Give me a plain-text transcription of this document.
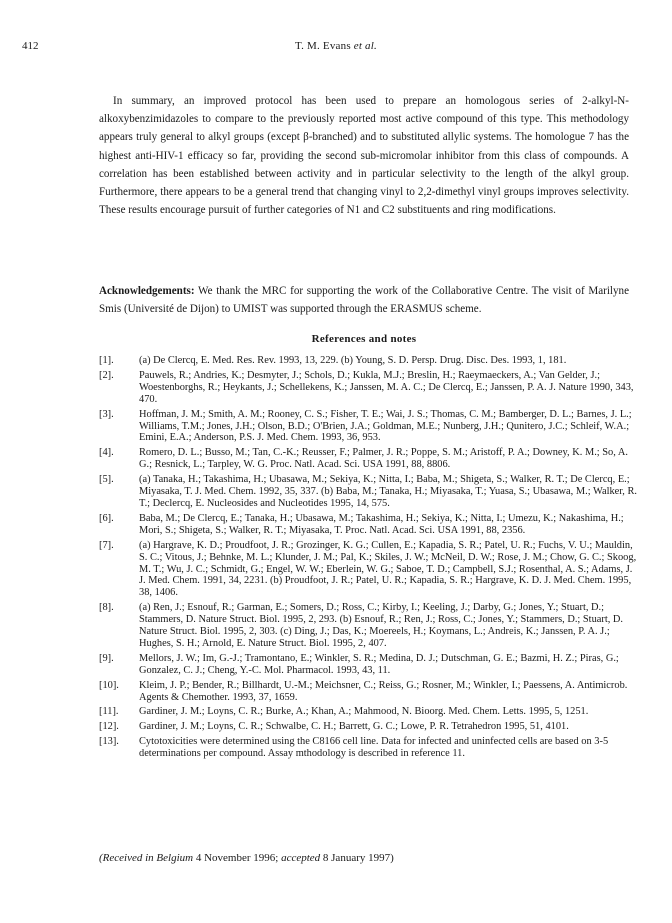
412	T. M. Evans et al.

In summary, an improved protocol has been used to prepare an homologous series of 2-alkyl-N-alkoxybenzimidazoles to compare to the previously reported most active compound of this type. This methodology appears truly general to alkyl groups (except β-branched) and to substituted allylic systems. The homologue 7 has the highest anti-HIV-1 efficacy so far, providing the second sub-micromolar inhibitor from this class of compounds. A correlation has been established between activity and in particular selectivity to the length of the alkyl group. Furthermore, there appears to be a general trend that changing vinyl to 2,2-dimethyl vinyl groups improves selectivity. These results encourage pursuit of further categories of N1 and C2 substituents and ring modifications.

Acknowledgements: We thank the MRC for supporting the work of the Collaborative Centre. The visit of Marilyne Smis (Université de Dijon) to UMIST was supported through the ERASMUS scheme.

References and notes
[1].	(a) De Clercq, E. Med. Res. Rev. 1993, 13, 229. (b) Young, S. D. Persp. Drug. Disc. Des. 1993, 1, 181.
[2].	Pauwels, R.; Andries, K.; Desmyter, J.; Schols, D.; Kukla, M.J.; Breslin, H.; Raeymaeckers, A.; Van Gelder, J.; Woestenborghs, R.; Heykants, J.; Schellekens, K.; Janssen, M. A. C.; De Clercq, E.; Janssen, P. A. J. Nature 1990, 343, 470.
[3].	Hoffman, J. M.; Smith, A. M.; Rooney, C. S.; Fisher, T. E.; Wai, J. S.; Thomas, C. M.; Bamberger, D. L.; Barnes, J. L.; Williams, T.M.; Jones, J.H.; Olson, B.D.; O'Brien, J.A.; Goldman, M.E.; Nunberg, J.H.; Qunitero, J.C.; Schleif, W.A.; Emini, E.A.; Anderson, P.S. J. Med. Chem. 1993, 36, 953.
[4].	Romero, D. L.; Busso, M.; Tan, C.-K.; Reusser, F.; Palmer, J. R.; Poppe, S. M.; Aristoff, P. A.; Downey, K. M.; So, A. G.; Resnick, L.; Tarpley, W. G. Proc. Natl. Acad. Sci. USA 1991, 88, 8806.
[5].	(a) Tanaka, H.; Takashima, H.; Ubasawa, M.; Sekiya, K.; Nitta, I.; Baba, M.; Shigeta, S.; Walker, R. T.; De Clercq, E.; Miyasaka, T. J. Med. Chem. 1992, 35, 337. (b) Baba, M.; Tanaka, H.; Miyasaka, T.; Yuasa, S.; Ubasawa, M.; Walker, R. T.; Declercq, E. Nucleosides and Nucleotides 1995, 14, 575.
[6].	Baba, M.; De Clercq, E.; Tanaka, H.; Ubasawa, M.; Takashima, H.; Sekiya, K.; Nitta, I.; Umezu, K.; Nakashima, H.; Mori, S.; Shigeta, S.; Walker, R. T.; Miyasaka, T. Proc. Natl. Acad. Sci. USA 1991, 88, 2356.
[7].	(a) Hargrave, K. D.; Proudfoot, J. R.; Grozinger, K. G.; Cullen, E.; Kapadia, S. R.; Patel, U. R.; Fuchs, V. U.; Mauldin, S. C.; Vitous, J.; Behnke, M. L.; Klunder, J. M.; Pal, K.; Skiles, J. W.; McNeil, D. W.; Rose, J. M.; Chow, G. C.; Skoog, M. T.; Wu, J. C.; Schmidt, G.; Engel, W. W.; Eberlein, W. G.; Saboe, T. D.; Campbell, S.J.; Rosenthal, A. S.; Adams, J. J. Med. Chem. 1991, 34, 2231. (b) Proudfoot, J. R.; Patel, U. R.; Kapadia, S. R.; Hargrave, K. D. J. Med. Chem. 1995, 38, 1406.
[8].	(a) Ren, J.; Esnouf, R.; Garman, E.; Somers, D.; Ross, C.; Kirby, I.; Keeling, J.; Darby, G.; Jones, Y.; Stuart, D.; Stammers, D. Nature Struct. Biol. 1995, 2, 293. (b) Esnouf, R.; Ren, J.; Ross, C.; Jones, Y.; Stammers, D.; Stuart, D. Nature Struct. Biol. 1995, 2, 303. (c) Ding, J.; Das, K.; Moereels, H.; Koymans, L.; Andreis, K.; Janssen, P. A. J.; Hughes, S. H.; Arnold, E. Nature Struct. Biol. 1995, 2, 407.
[9].	Mellors, J. W.; Im, G.-J.; Tramontano, E.; Winkler, S. R.; Medina, D. J.; Dutschman, G. E.; Bazmi, H. Z.; Piras, G.; Gonzalez, C. J.; Cheng, Y.-C. Mol. Pharmacol. 1993, 43, 11.
[10].	Kleim, J. P.; Bender, R.; Billhardt, U.-M.; Meichsner, C.; Reiss, G.; Rosner, M.; Winkler, I.; Paessens, A. Antimicrob. Agents & Chemother. 1993, 37, 1659.
[11].	Gardiner, J. M.; Loyns, C. R.; Burke, A.; Khan, A.; Mahmood, N. Bioorg. Med. Chem. Letts. 1995, 5, 1251.
[12].	Gardiner, J. M.; Loyns, C. R.; Schwalbe, C. H.; Barrett, G. C.; Lowe, P. R. Tetrahedron 1995, 51, 4101.
[13].	Cytotoxicities were determined using the C8166 cell line. Data for infected and uninfected cells are based on 3-5 determinations per compound. Assay mthodology is described in reference 11.
(Received in Belgium 4 November 1996; accepted 8 January 1997)
